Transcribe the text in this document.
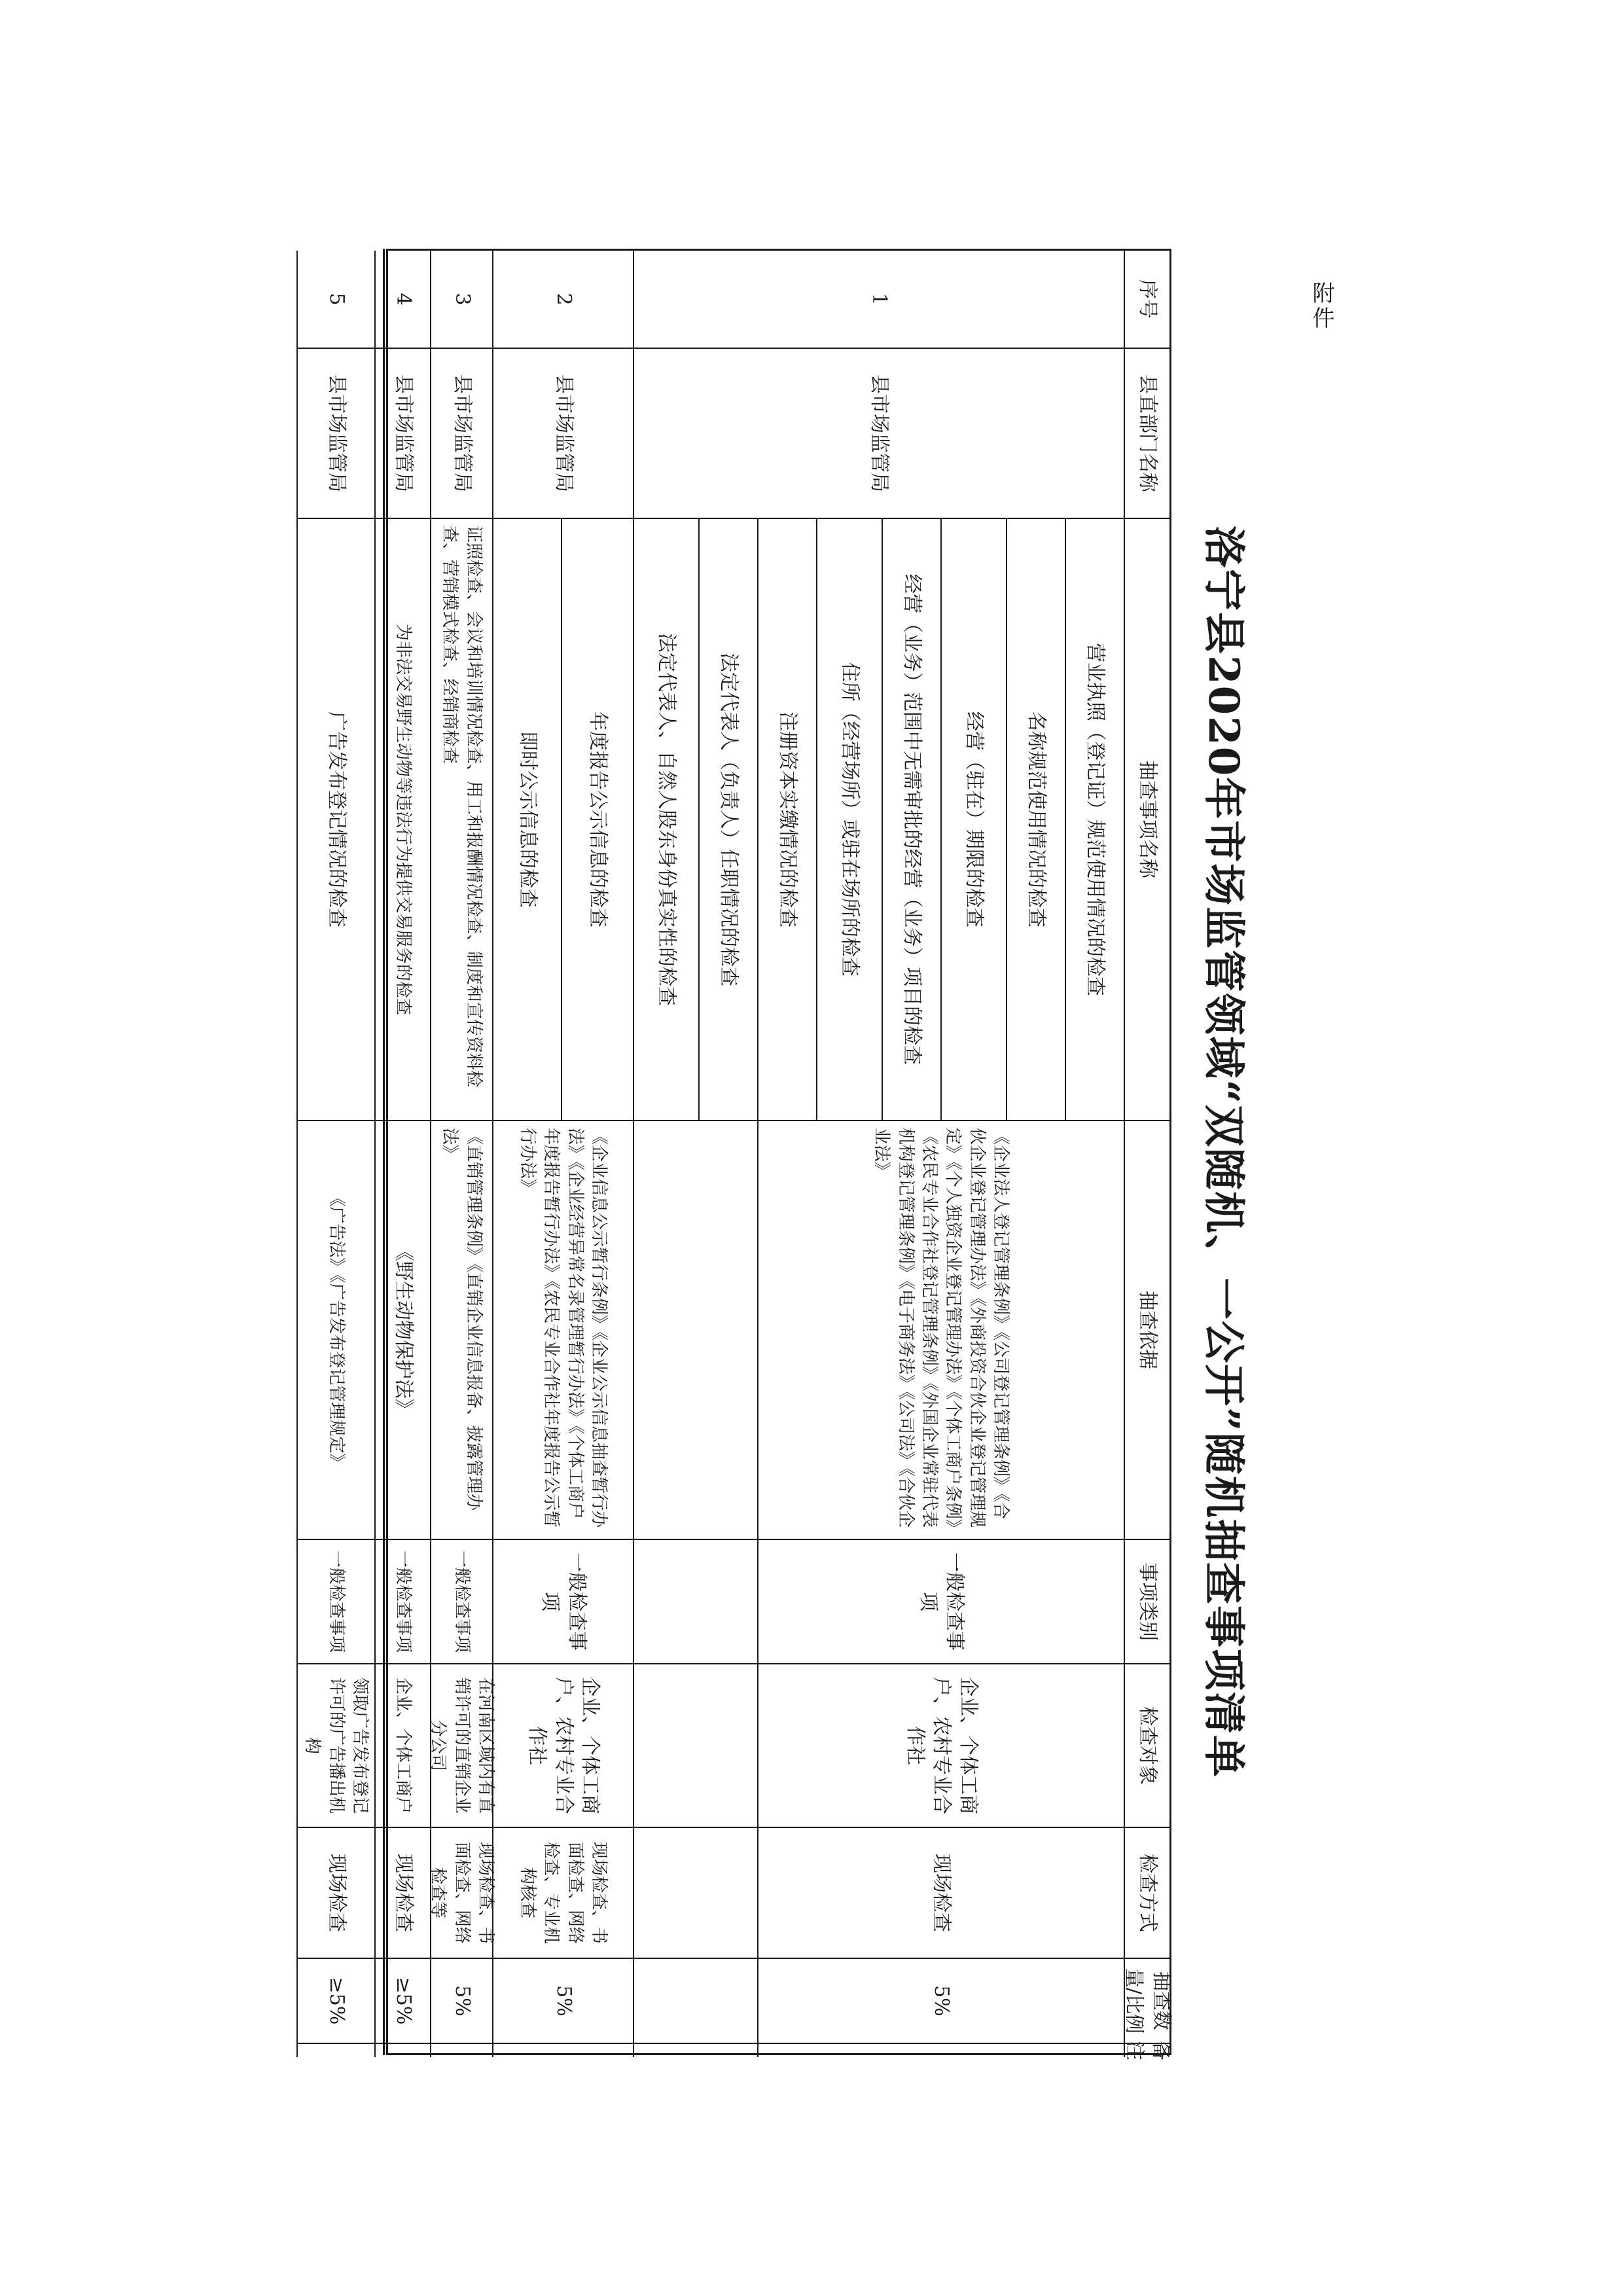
附件
洛宁县2020年市场监管领域“双随机、一公开”随机抽查事项清单
序号
县直部门名称
抽查事项名称
抽查依据
事项类别
检查对象
检查方式
抽查数量/比例
备注
1
县市场监管局
营业执照（登记证）规范使用情况的检查
名称规范使用情况的检查
经营（驻在）期限的检查
经营（业务）范围中无需审批的经营（业务）项目的检查
住所（经营场所）或驻在场所的检查
注册资本实缴情况的检查
法定代表人（负责人）任职情况的检查
法定代表人、自然人股东身份真实性的检查
《企业法人登记管理条例》《公司登记管理条例》《合伙企业登记管理办法》《外商投资合伙企业登记管理规定》《个人独资企业登记管理办法》《个体工商户条例》《农民专业合作社登记管理条例》《外国企业常驻代表机构登记管理条例》《电子商务法》《公司法》《合伙企业法》
一般检查事项
企业、个体工商户、农村专业合作社
现场检查
5%
2
县市场监管局
年度报告公示信息的检查
即时公示信息的检查
《企业信息公示暂行条例》《企业公示信息抽查暂行办法》《企业经营异常名录管理暂行办法》《个体工商户年度报告暂行办法》《农民专业合作社年度报告公示暂行办法》
一般检查事项
企业、个体工商户、农村专业合作社
现场检查、书面检查、网络检查、专业机构核查
5%
3
县市场监管局
证照检查、会议和培训情况检查、用工和报酬情况检查、制度和宣传资料检查、营销模式检查、经销商检查
《直销管理条例》《直销企业信息报备、披露管理办法》
一般检查事项
在河南区域内有直销许可的直销企业分公司
现场检查、书面检查、网络检查等
5%
4
县市场监管局
为非法交易野生动物等违法行为提供交易服务的检查
《野生动物保护法》
一般检查事项
企业、个体工商户
现场检查
≥5%
5
县市场监管局
广告发布登记情况的检查
《广告法》《广告发布登记管理规定》
一般检查事项
领取广告发布登记许可的广告播出机构
现场检查
≥5%
